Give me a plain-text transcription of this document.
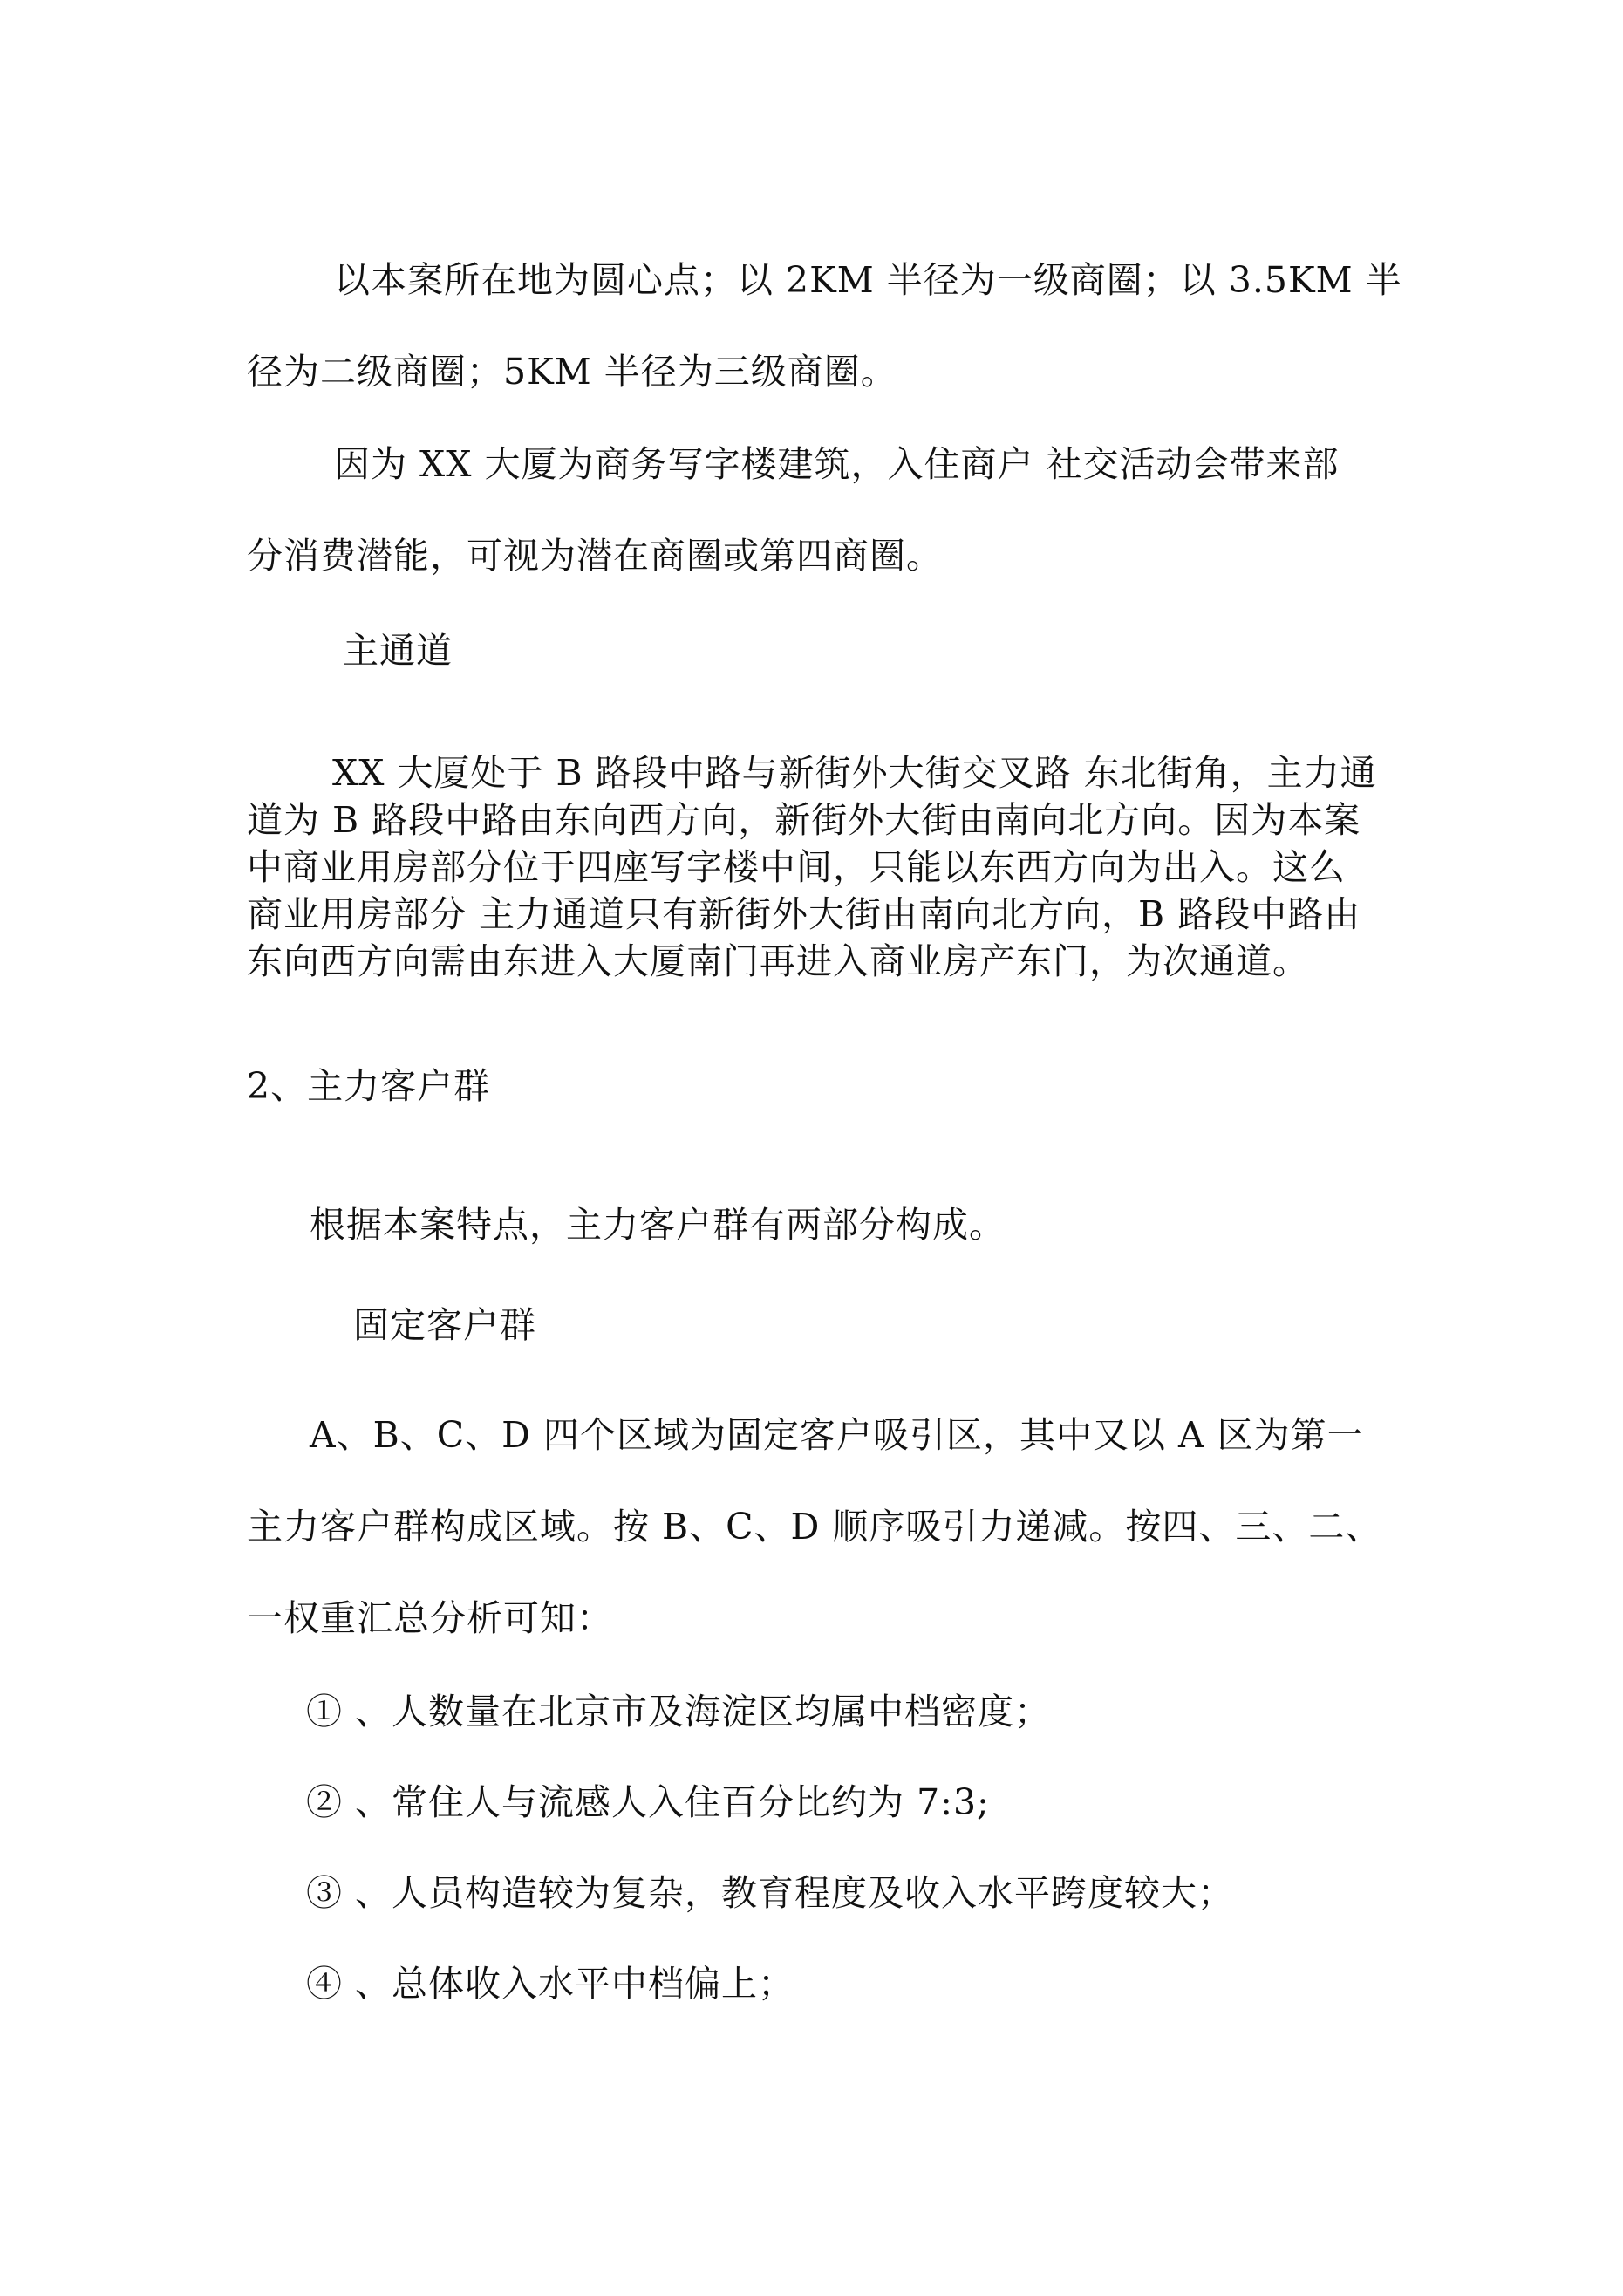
以本案所在地为圆心点；以 2KM 半径为一级商圈；以 3.5KM 半
径为二级商圈；5KM 半径为三级商圈。

因为 XX 大厦为商务写字楼建筑，入住商户 社交活动会带来部
分消费潜能，可视为潜在商圈或第四商圈。

主通道

XX 大厦处于 B 路段中路与新街外大街交叉路 东北街角，主力通
道为 B 路段中路由东向西方向，新街外大街由南向北方向。因为本案
中商业用房部分位于四座写字楼中间，只能以东西方向为出入。这么
商业用房部分 主力通道只有新街外大街由南向北方向，B 路段中路由
东向西方向需由东进入大厦南门再进入商业房产东门，为次通道。

2、主力客户群

根据本案特点，主力客户群有两部分构成。

固定客户群

A、B、C、D 四个区域为固定客户吸引区，其中又以 A 区为第一
主力客户群构成区域。按 B、C、D 顺序吸引力递减。按四、三、二、
一权重汇总分析可知：

① 、人数量在北京市及海淀区均属中档密度；

② 、常住人与流感人入住百分比约为 7:3;

③ 、人员构造较为复杂，教育程度及收入水平跨度较大；

④ 、总体收入水平中档偏上；
